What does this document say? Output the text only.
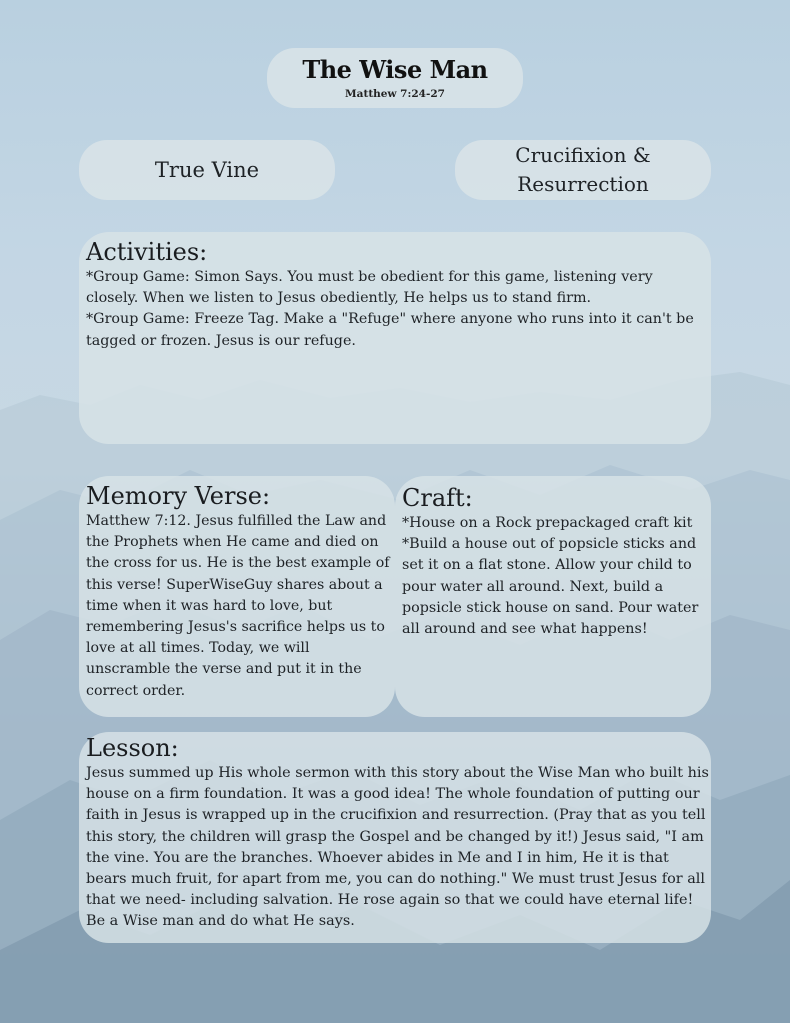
The Wise Man
Matthew 7:24-27
True Vine
Crucifixion &
Resurrection
Activities:

*Group Game: Simon Says. You must be obedient for this game, listening very closely. When we listen to Jesus obediently, He helps us to stand firm.

*Group Game: Freeze Tag. Make a "Refuge" where anyone who runs into it can't be tagged or frozen. Jesus is our refuge.

Memory Verse:

Matthew 7:12. Jesus fulfilled the Law and the Prophets when He came and died on the cross for us. He is the best example of this verse! SuperWiseGuy shares about a time when it was hard to love, but remembering Jesus's sacrifice helps us to love at all times. Today, we will unscramble the verse and put it in the correct order.

Craft:

*House on a Rock prepackaged craft kit

*Build a house out of popsicle sticks and set it on a flat stone. Allow your child to pour water all around. Next, build a popsicle stick house on sand. Pour water all around and see what happens!

Lesson:

Jesus summed up His whole sermon with this story about the Wise Man who built his house on a firm foundation. It was a good idea! The whole foundation of putting our faith in Jesus is wrapped up in the crucifixion and resurrection. (Pray that as you tell this story, the children will grasp the Gospel and be changed by it!) Jesus said, "I am the vine. You are the branches. Whoever abides in Me and I in him, He it is that bears much fruit, for apart from me, you can do nothing." We must trust Jesus for all that we need- including salvation. He rose again so that we could have eternal life! Be a Wise man and do what He says.
